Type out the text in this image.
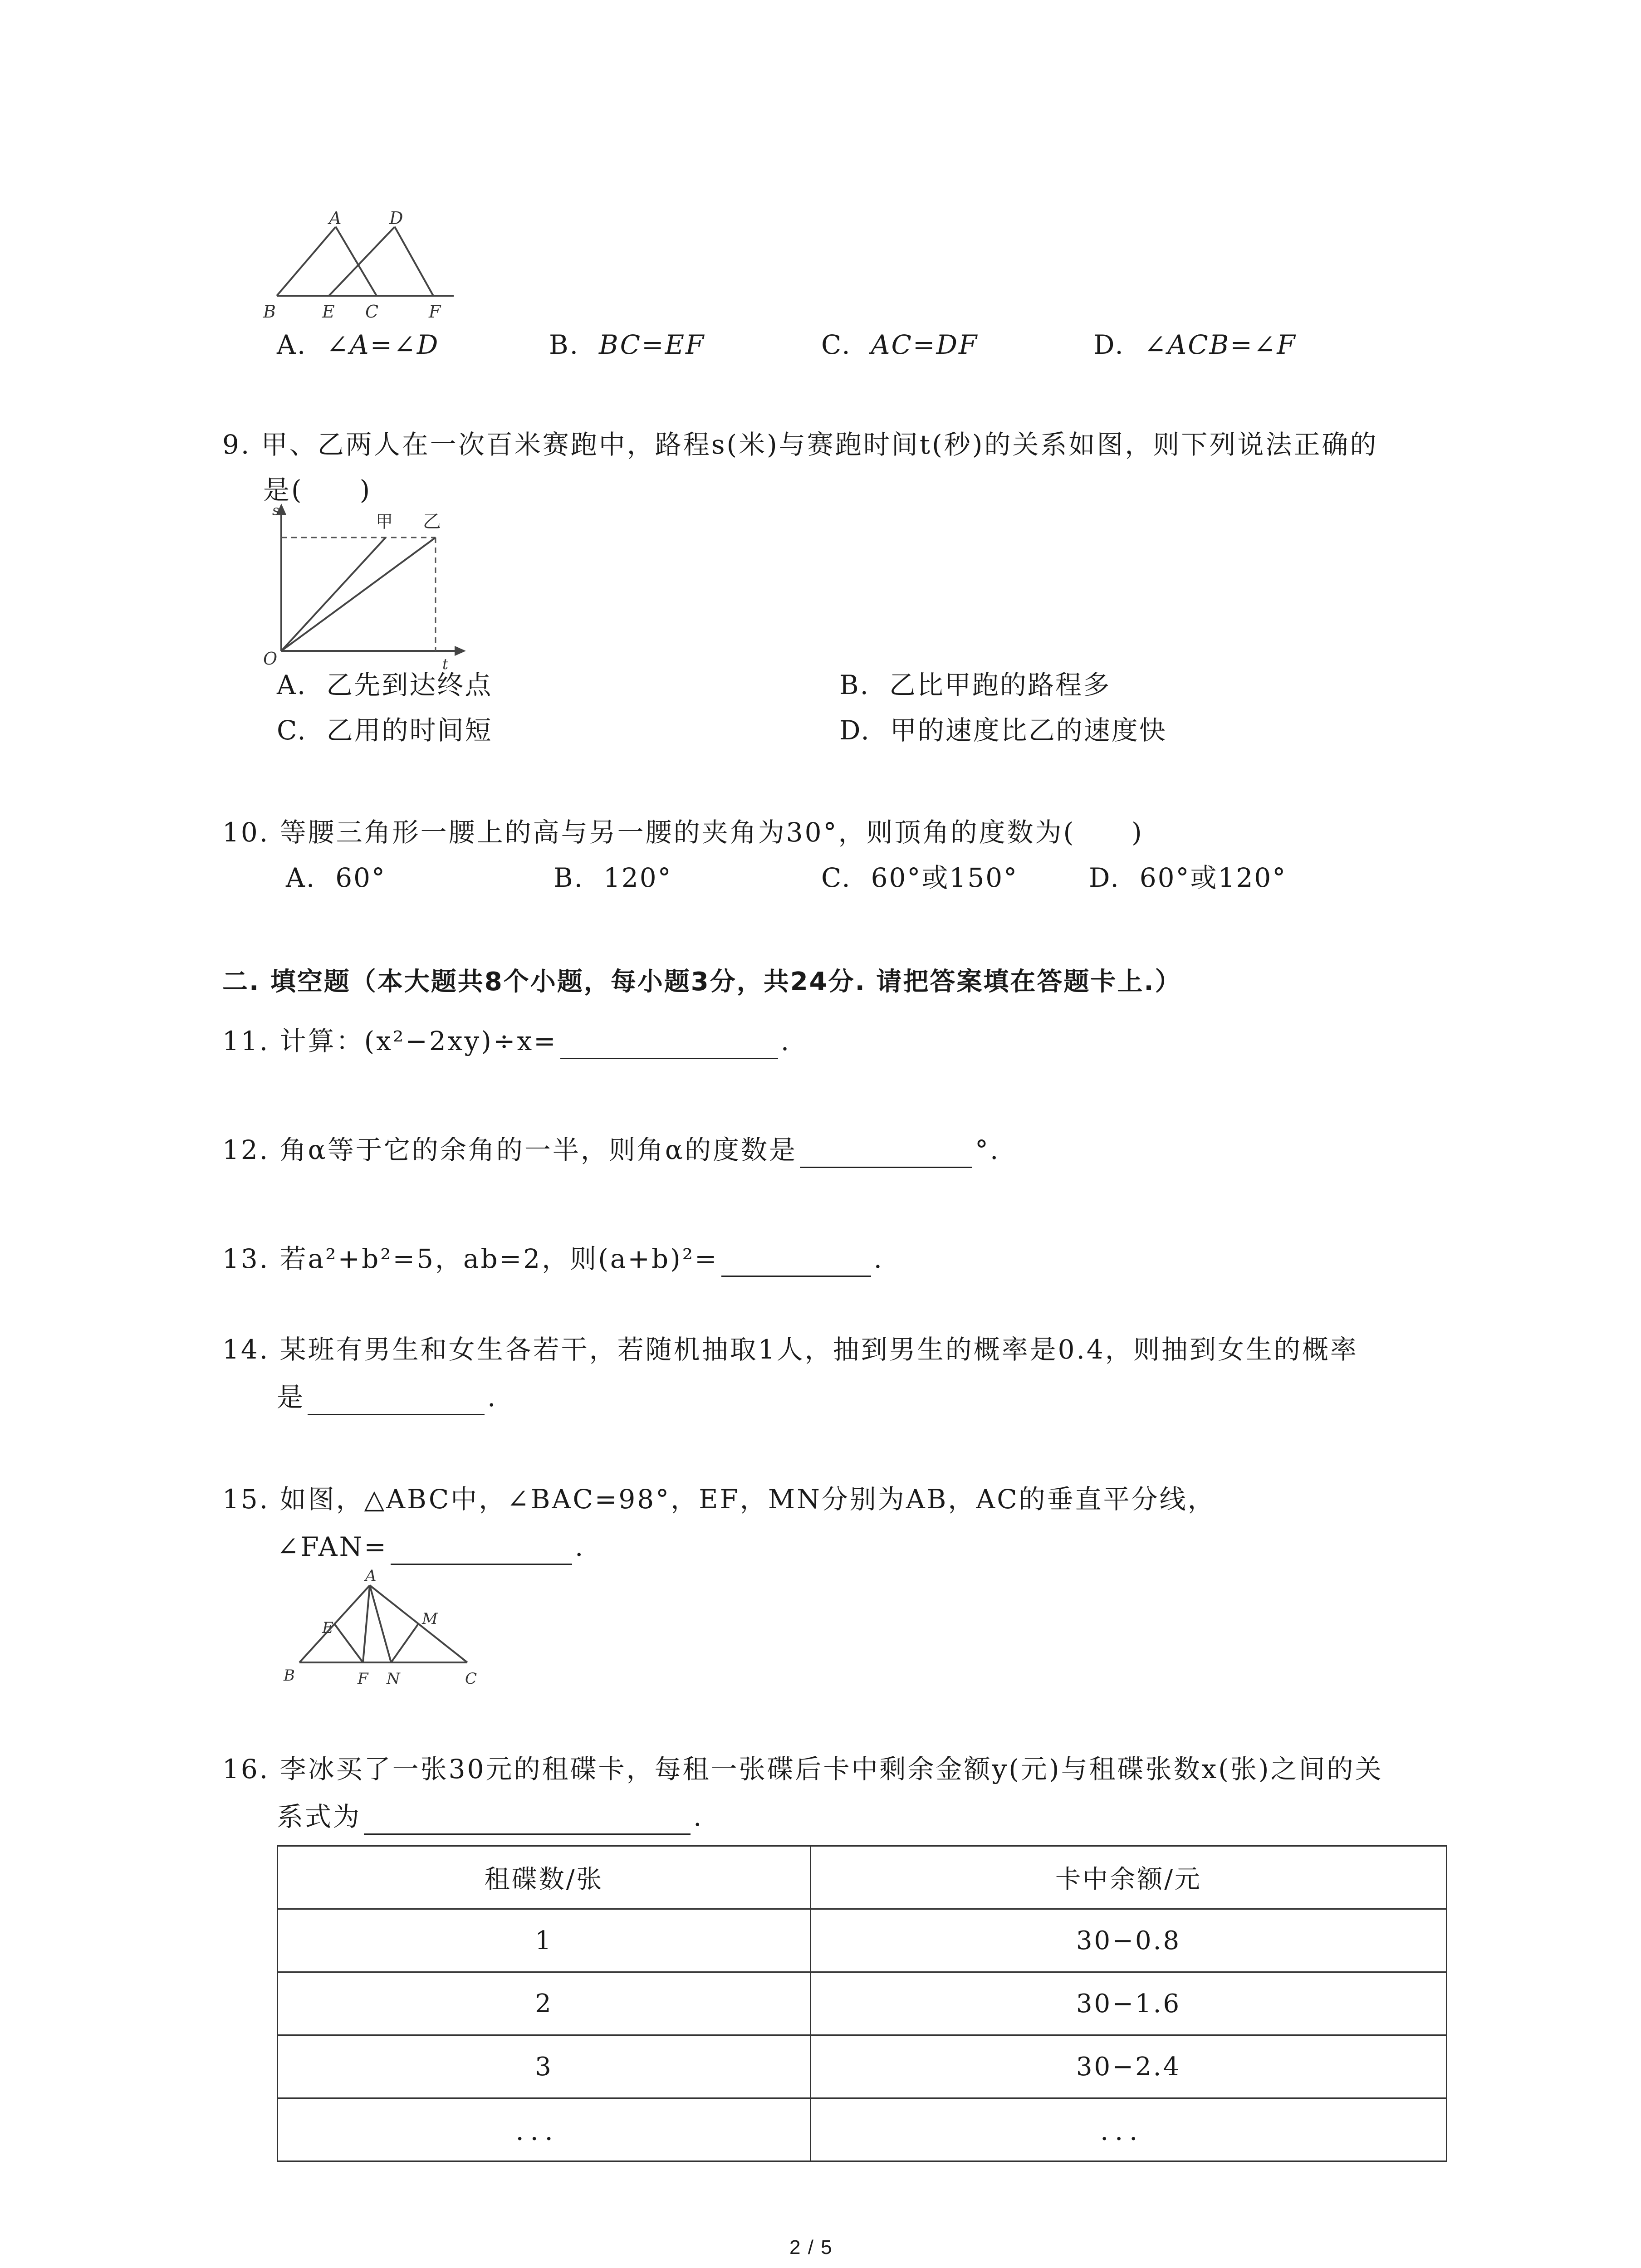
A	D
B	E C	F
A. ∠A=∠D	B. BC=EF	C. AC=DF	D. ∠ACB=∠F
9. 甲、乙两人在一次百米赛跑中，路程s(米)与赛跑时间t(秒)的关系如图，则下列说法正确的
是(　　)
s
O	t
甲 乙
A. 乙先到达终点	B. 乙比甲跑的路程多
C. 乙用的时间短	D. 甲的速度比乙的速度快
10. 等腰三角形一腰上的高与另一腰的夹角为30°，则顶角的度数为(　　)
A. 60°	B. 120°	C. 60°或150°	D. 60°或120°
二. 填空题（本大题共8个小题，每小题3分，共24分. 请把答案填在答题卡上.）
11. 计算：(x²−2xy)÷x=	.
12. 角α等于它的余角的一半，则角α的度数是	°.
13. 若a²+b²=5，ab=2，则(a+b)²=	.
14. 某班有男生和女生各若干，若随机抽取1人，抽到男生的概率是0.4，则抽到女生的概率
是	.
15. 如图，△ABC中，∠BAC=98°，EF，MN分别为AB，AC的垂直平分线，
∠FAN=	.
A
E	M
B	F N	C
16. 李冰买了一张30元的租碟卡，每租一张碟后卡中剩余金额y(元)与租碟张数x(张)之间的关
系式为	.
租碟数/张	卡中余额/元
1	30−0.8
2	30−1.6
3	30−2.4
．．．	．．．
2 / 5
